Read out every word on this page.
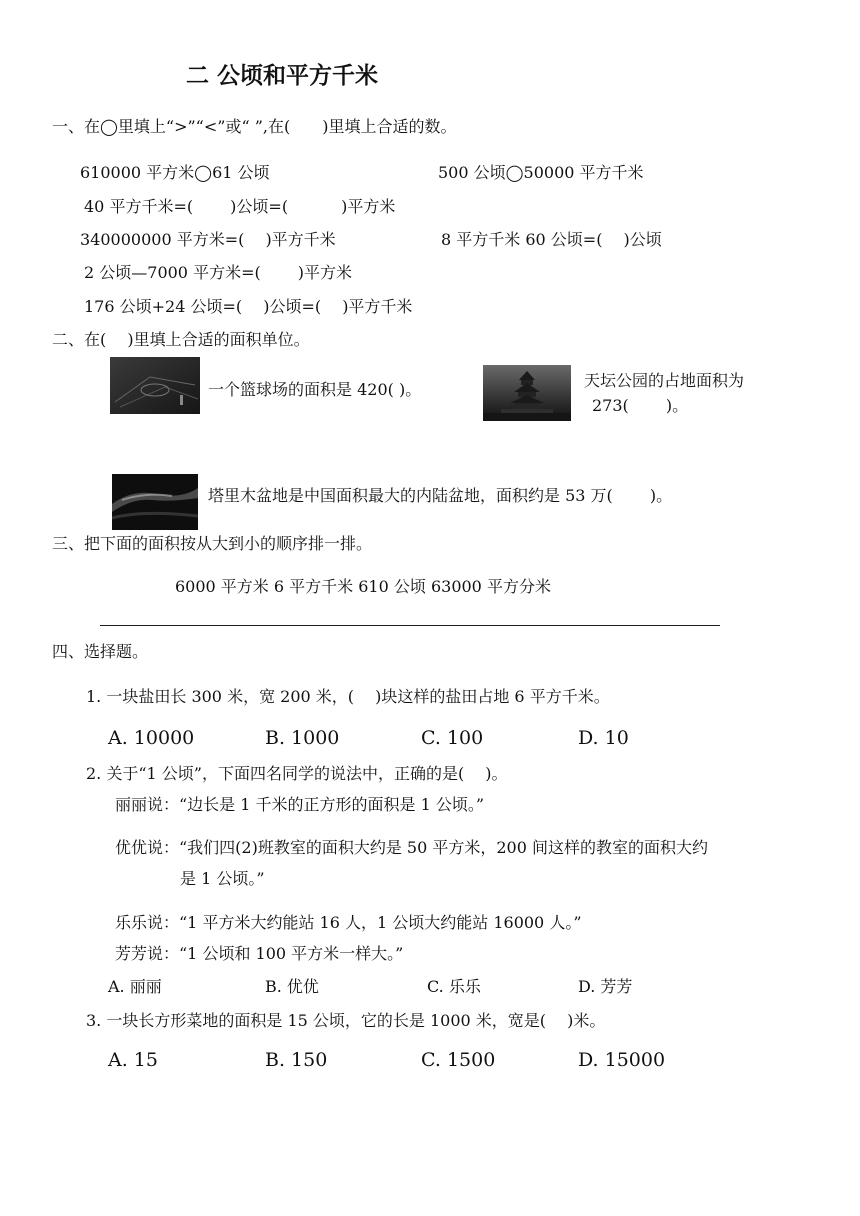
二 公顷和平方千米
一、在◯里填上“>”“<”或“ ”,在(　　)里填上合适的数。
610000 平方米◯61 公顷	500 公顷◯50000 平方千米
40 平方千米=(　　 )公顷=(　　　 )平方米
340000000 平方米=(　 )平方千米	8 平方千米 60 公顷=(　 )公顷
2 公顷—7000 平方米=(　　 )平方米
176 公顷+24 公顷=(　 )公顷=(　 )平方千米
二、在(　 )里填上合适的面积单位。
一个篮球场的面积是 420( )。	天坛公园的占地面积为
273(　　 )。
塔里木盆地是中国面积最大的内陆盆地，面积约是 53 万(　　 )。
三、把下面的面积按从大到小的顺序排一排。
6000 平方米 6 平方千米 610 公顷 63000 平方分米
四、选择题。
1. 一块盐田长 300 米，宽 200 米，(　 )块这样的盐田占地 6 平方千米。
A. 10000	B. 1000	C. 100	D. 10
2. 关于“1 公顷”，下面四名同学的说法中，正确的是(　 )。
丽丽说：“边长是 1 千米的正方形的面积是 1 公顷。”
优优说：“我们四(2)班教室的面积大约是 50 平方米，200 间这样的教室的面积大约
是 1 公顷。”
乐乐说：“1 平方米大约能站 16 人，1 公顷大约能站 16000 人。”
芳芳说：“1 公顷和 100 平方米一样大。”
A. 丽丽	B. 优优	C. 乐乐	D. 芳芳
3. 一块长方形菜地的面积是 15 公顷，它的长是 1000 米，宽是(　 )米。
A. 15	B. 150	C. 1500	D. 15000
